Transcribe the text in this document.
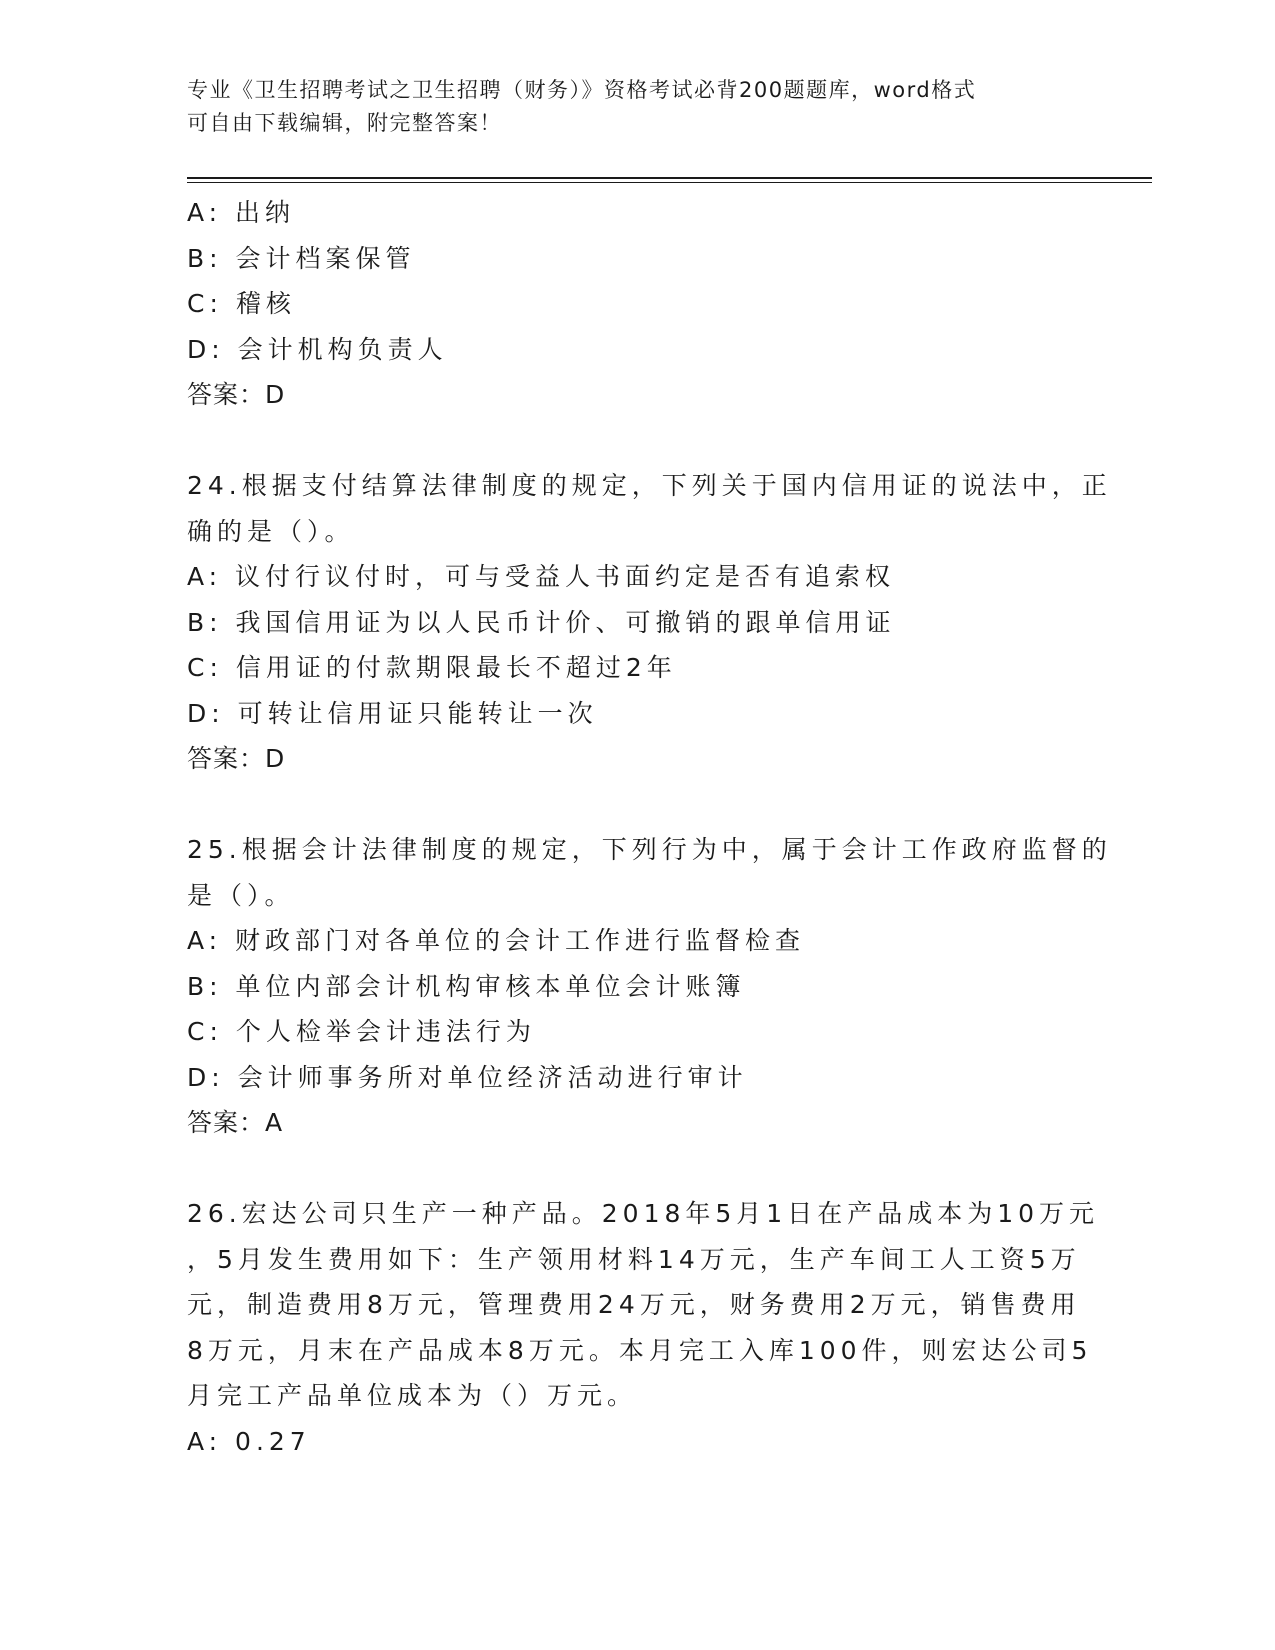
专业《卫生招聘考试之卫生招聘（财务）》资格考试必背200题题库，word格式
可自由下载编辑，附完整答案！
A: 出纳
B: 会计档案保管
C: 稽核
D: 会计机构负责人
答案：D
24.根据支付结算法律制度的规定，下列关于国内信用证的说法中，正
确的是（）。
A: 议付行议付时，可与受益人书面约定是否有追索权
B: 我国信用证为以人民币计价、可撤销的跟单信用证
C: 信用证的付款期限最长不超过2年
D: 可转让信用证只能转让一次
答案：D
25.根据会计法律制度的规定，下列行为中，属于会计工作政府监督的
是（）。
A: 财政部门对各单位的会计工作进行监督检查
B: 单位内部会计机构审核本单位会计账簿
C: 个人检举会计违法行为
D: 会计师事务所对单位经济活动进行审计
答案：A
26.宏达公司只生产一种产品。2018年5月1日在产品成本为10万元
，5月发生费用如下：生产领用材料14万元，生产车间工人工资5万
元，制造费用8万元，管理费用24万元，财务费用2万元，销售费用
8万元，月末在产品成本8万元。本月完工入库100件，则宏达公司5
月完工产品单位成本为（）万元。
A: 0.27
